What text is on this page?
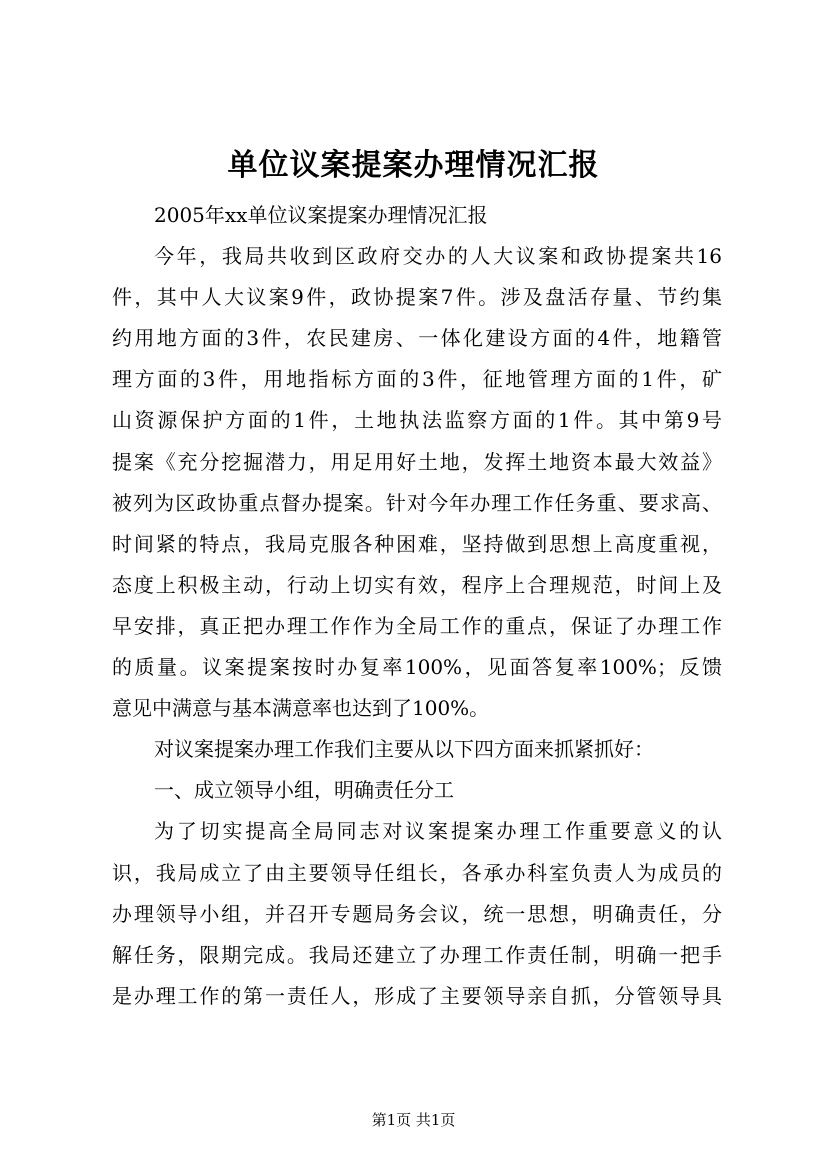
单位议案提案办理情况汇报
2005年xx单位议案提案办理情况汇报
今年，我局共收到区政府交办的人大议案和政协提案共16
件，其中人大议案9件，政协提案7件。涉及盘活存量、节约集
约用地方面的3件，农民建房、一体化建设方面的4件，地籍管
理方面的3件，用地指标方面的3件，征地管理方面的1件，矿
山资源保护方面的1件，土地执法监察方面的1件。其中第9号
提案《充分挖掘潜力，用足用好土地，发挥土地资本最大效益》
被列为区政协重点督办提案。针对今年办理工作任务重、要求高、
时间紧的特点，我局克服各种困难，坚持做到思想上高度重视，
态度上积极主动，行动上切实有效，程序上合理规范，时间上及
早安排，真正把办理工作作为全局工作的重点，保证了办理工作
的质量。议案提案按时办复率100%，见面答复率100%；反馈
意见中满意与基本满意率也达到了100%。
对议案提案办理工作我们主要从以下四方面来抓紧抓好：
一、成立领导小组，明确责任分工
为了切实提高全局同志对议案提案办理工作重要意义的认
识，我局成立了由主要领导任组长，各承办科室负责人为成员的
办理领导小组，并召开专题局务会议，统一思想，明确责任，分
解任务，限期完成。我局还建立了办理工作责任制，明确一把手
是办理工作的第一责任人，形成了主要领导亲自抓，分管领导具
第1页 共1页
